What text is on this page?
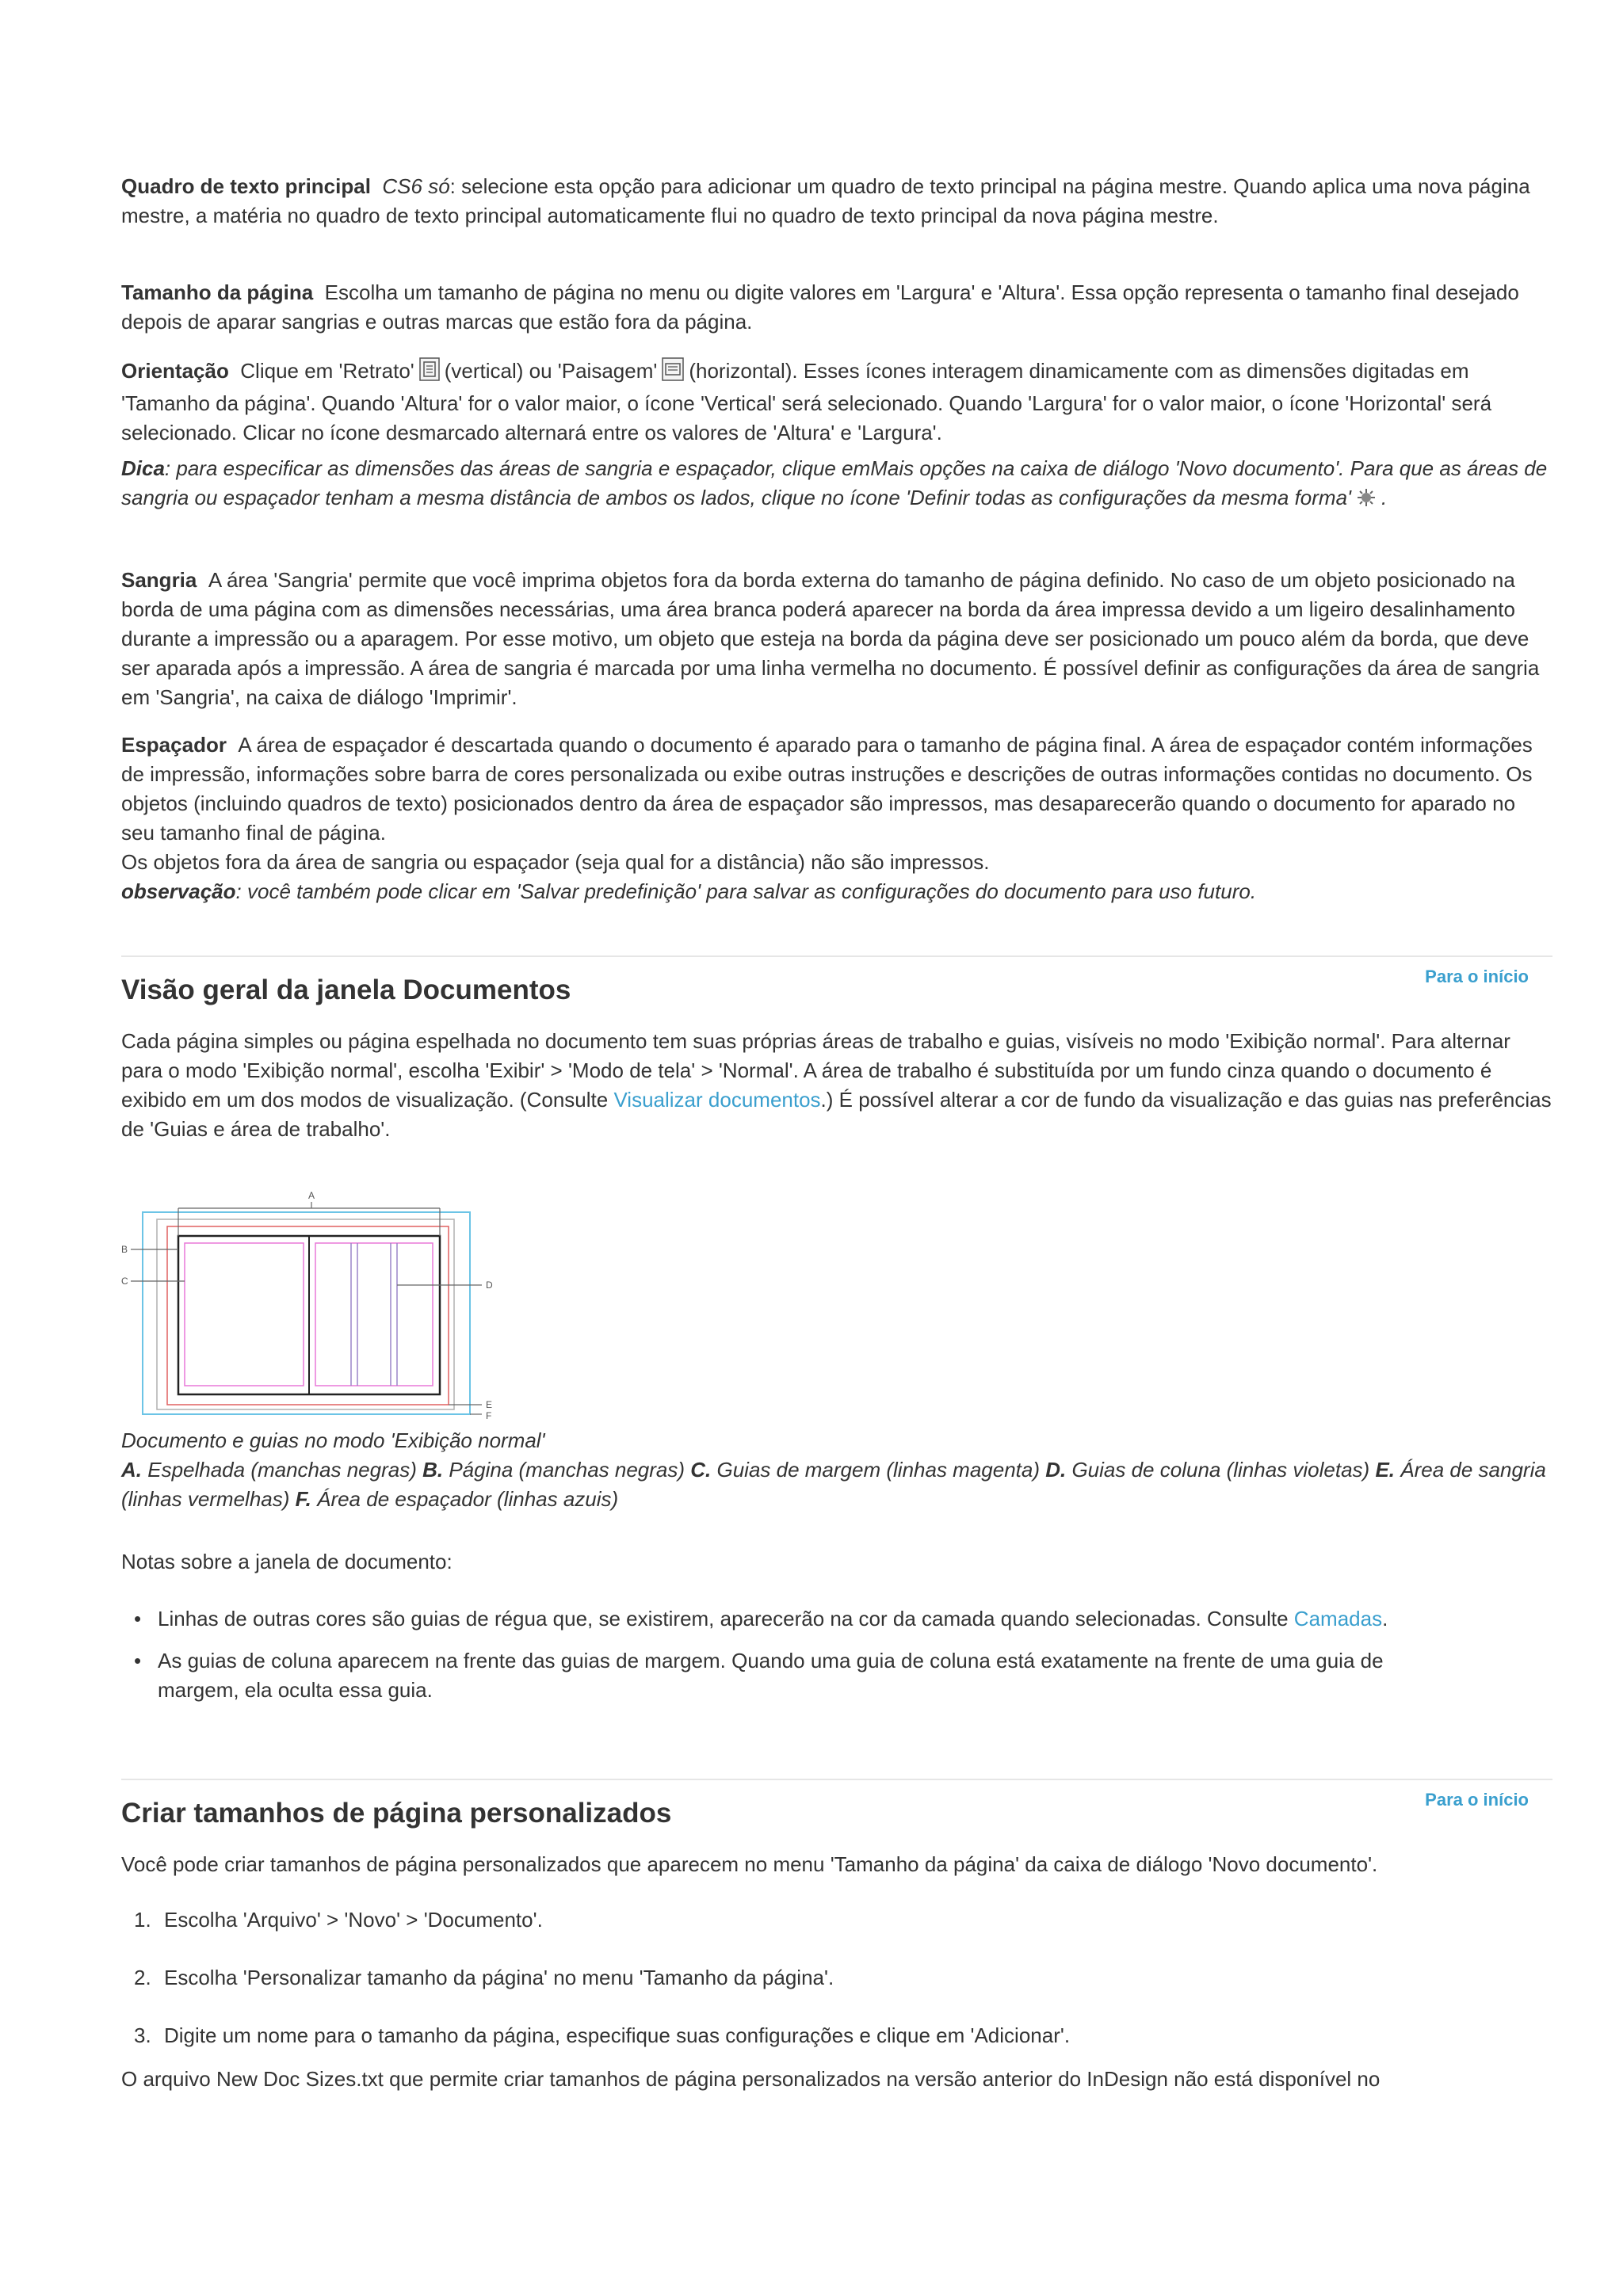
Quadro de texto principal CS6 só: selecione esta opção para adicionar um quadro de texto principal na página mestre. Quando aplica uma nova página mestre, a matéria no quadro de texto principal automaticamente flui no quadro de texto principal da nova página mestre.

Tamanho da página Escolha um tamanho de página no menu ou digite valores em 'Largura' e 'Altura'. Essa opção representa o tamanho final desejado depois de aparar sangrias e outras marcas que estão fora da página.

Orientação Clique em 'Retrato' (vertical) ou 'Paisagem' (horizontal). Esses ícones interagem dinamicamente com as dimensões digitadas em 'Tamanho da página'. Quando 'Altura' for o valor maior, o ícone 'Vertical' será selecionado. Quando 'Largura' for o valor maior, o ícone 'Horizontal' será selecionado. Clicar no ícone desmarcado alternará entre os valores de 'Altura' e 'Largura'.

Dica: para especificar as dimensões das áreas de sangria e espaçador, clique emMais opções na caixa de diálogo 'Novo documento'. Para que as áreas de sangria ou espaçador tenham a mesma distância de ambos os lados, clique no ícone 'Definir todas as configurações da mesma forma' .

Sangria A área 'Sangria' permite que você imprima objetos fora da borda externa do tamanho de página definido. No caso de um objeto posicionado na borda de uma página com as dimensões necessárias, uma área branca poderá aparecer na borda da área impressa devido a um ligeiro desalinhamento durante a impressão ou a aparagem. Por esse motivo, um objeto que esteja na borda da página deve ser posicionado um pouco além da borda, que deve ser aparada após a impressão. A área de sangria é marcada por uma linha vermelha no documento. É possível definir as configurações da área de sangria em 'Sangria', na caixa de diálogo 'Imprimir'.

Espaçador A área de espaçador é descartada quando o documento é aparado para o tamanho de página final. A área de espaçador contém informações de impressão, informações sobre barra de cores personalizada ou exibe outras instruções e descrições de outras informações contidas no documento. Os objetos (incluindo quadros de texto) posicionados dentro da área de espaçador são impressos, mas desaparecerão quando o documento for aparado no seu tamanho final de página.

Os objetos fora da área de sangria ou espaçador (seja qual for a distância) não são impressos.

observação: você também pode clicar em 'Salvar predefinição' para salvar as configurações do documento para uso futuro.

Para o início
Visão geral da janela Documentos

Cada página simples ou página espelhada no documento tem suas próprias áreas de trabalho e guias, visíveis no modo 'Exibição normal'. Para alternar para o modo 'Exibição normal', escolha 'Exibir' > 'Modo de tela' > 'Normal'. A área de trabalho é substituída por um fundo cinza quando o documento é exibido em um dos modos de visualização. (Consulte Visualizar documentos.) É possível alterar a cor de fundo da visualização e das guias nas preferências de 'Guias e área de trabalho'.

A
B
C	D
E
F

Documento e guias no modo 'Exibição normal'

A. Espelhada (manchas negras) B. Página (manchas negras) C. Guias de margem (linhas magenta) D. Guias de coluna (linhas violetas) E. Área de sangria (linhas vermelhas) F. Área de espaçador (linhas azuis)

Notas sobre a janela de documento:

• Linhas de outras cores são guias de régua que, se existirem, aparecerão na cor da camada quando selecionadas. Consulte Camadas.
• As guias de coluna aparecem na frente das guias de margem. Quando uma guia de coluna está exatamente na frente de uma guia de margem, ela oculta essa guia.
Para o início
Criar tamanhos de página personalizados

Você pode criar tamanhos de página personalizados que aparecem no menu 'Tamanho da página' da caixa de diálogo 'Novo documento'.

1. Escolha 'Arquivo' > 'Novo' > 'Documento'.
2. Escolha 'Personalizar tamanho da página' no menu 'Tamanho da página'.
3. Digite um nome para o tamanho da página, especifique suas configurações e clique em 'Adicionar'.

O arquivo New Doc Sizes.txt que permite criar tamanhos de página personalizados na versão anterior do InDesign não está disponível no
